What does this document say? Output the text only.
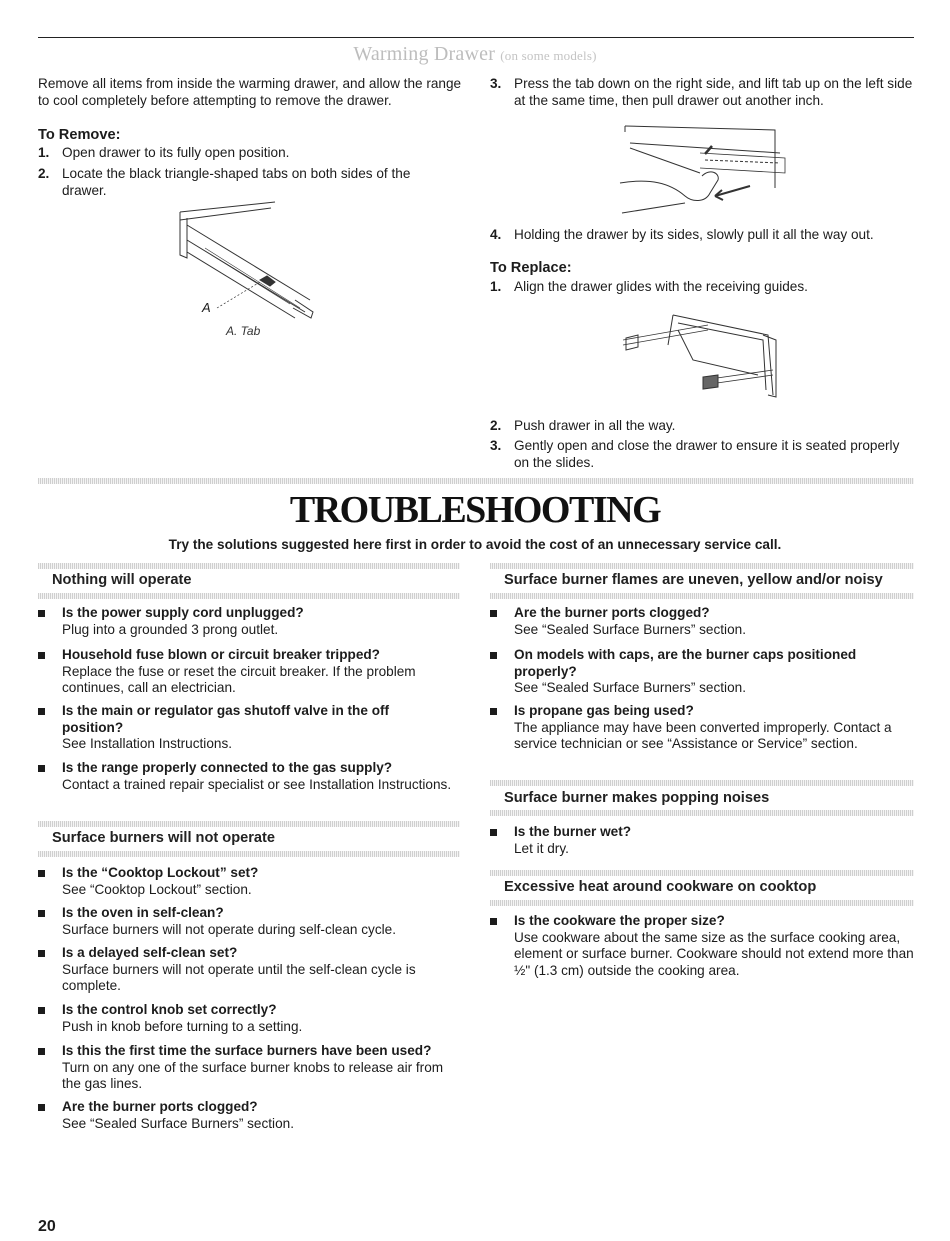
Warming Drawer (on some models)
Remove all items from inside the warming drawer, and allow the range to cool completely before attempting to remove the drawer.
To Remove:
1. Open drawer to its fully open position.
2. Locate the black triangle-shaped tabs on both sides of the drawer.
A
A. Tab
3. Press the tab down on the right side, and lift tab up on the left side at the same time, then pull drawer out another inch.
4. Holding the drawer by its sides, slowly pull it all the way out.
To Replace:
1. Align the drawer glides with the receiving guides.
2. Push drawer in all the way.
3. Gently open and close the drawer to ensure it is seated properly on the slides.
TROUBLESHOOTING
Try the solutions suggested here first in order to avoid the cost of an unnecessary service call.
Nothing will operate
Is the power supply cord unplugged?
Plug into a grounded 3 prong outlet.
Household fuse blown or circuit breaker tripped?
Replace the fuse or reset the circuit breaker. If the problem continues, call an electrician.
Is the main or regulator gas shutoff valve in the off position?
See Installation Instructions.
Is the range properly connected to the gas supply?
Contact a trained repair specialist or see Installation Instructions.
Surface burners will not operate
Is the “Cooktop Lockout” set?
See “Cooktop Lockout” section.
Is the oven in self-clean?
Surface burners will not operate during self-clean cycle.
Is a delayed self-clean set?
Surface burners will not operate until the self-clean cycle is complete.
Is the control knob set correctly?
Push in knob before turning to a setting.
Is this the first time the surface burners have been used?
Turn on any one of the surface burner knobs to release air from the gas lines.
Are the burner ports clogged?
See “Sealed Surface Burners” section.
Surface burner flames are uneven, yellow and/or noisy
Are the burner ports clogged?
See “Sealed Surface Burners” section.
On models with caps, are the burner caps positioned properly?
See “Sealed Surface Burners” section.
Is propane gas being used?
The appliance may have been converted improperly. Contact a service technician or see “Assistance or Service” section.
Surface burner makes popping noises
Is the burner wet?
Let it dry.
Excessive heat around cookware on cooktop
Is the cookware the proper size?
Use cookware about the same size as the surface cooking area, element or surface burner. Cookware should not extend more than ½" (1.3 cm) outside the cooking area.
20
